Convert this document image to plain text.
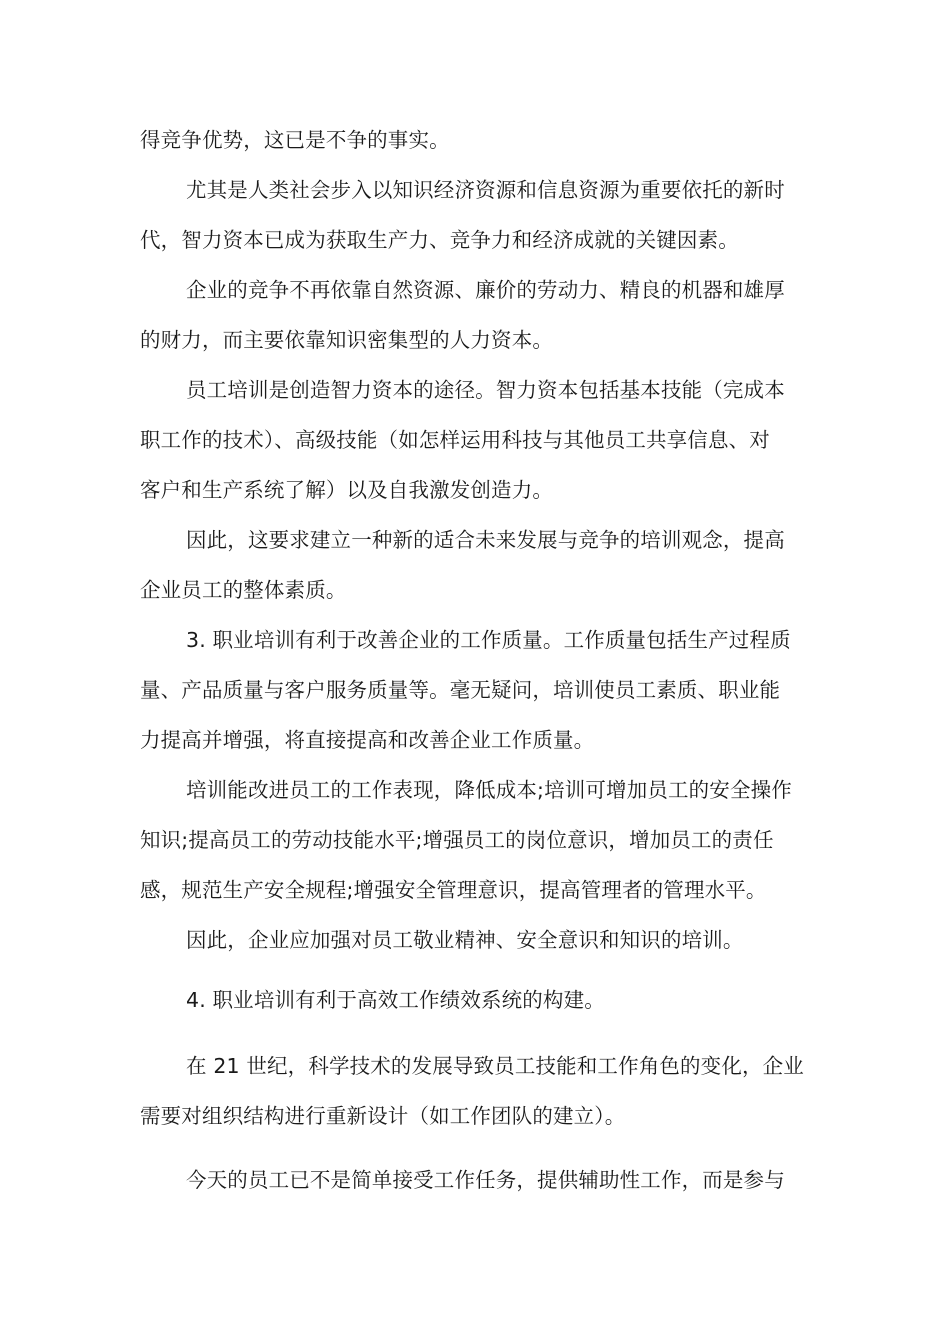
得竞争优势，这已是不争的事实。
尤其是人类社会步入以知识经济资源和信息资源为重要依托的新时
代，智力资本已成为获取生产力、竞争力和经济成就的关键因素。
企业的竞争不再依靠自然资源、廉价的劳动力、精良的机器和雄厚
的财力，而主要依靠知识密集型的人力资本。
员工培训是创造智力资本的途径。智力资本包括基本技能（完成本
职工作的技术）、高级技能（如怎样运用科技与其他员工共享信息、对
客户和生产系统了解）以及自我激发创造力。
因此，这要求建立一种新的适合未来发展与竞争的培训观念，提高
企业员工的整体素质。
3. 职业培训有利于改善企业的工作质量。工作质量包括生产过程质
量、产品质量与客户服务质量等。毫无疑问，培训使员工素质、职业能
力提高并增强，将直接提高和改善企业工作质量。
培训能改进员工的工作表现，降低成本;培训可增加员工的安全操作
知识;提高员工的劳动技能水平;增强员工的岗位意识，增加员工的责任
感，规范生产安全规程;增强安全管理意识，提高管理者的管理水平。
因此，企业应加强对员工敬业精神、安全意识和知识的培训。
4. 职业培训有利于高效工作绩效系统的构建。
在 21 世纪，科学技术的发展导致员工技能和工作角色的变化，企业
需要对组织结构进行重新设计（如工作团队的建立）。
今天的员工已不是简单接受工作任务，提供辅助性工作，而是参与
